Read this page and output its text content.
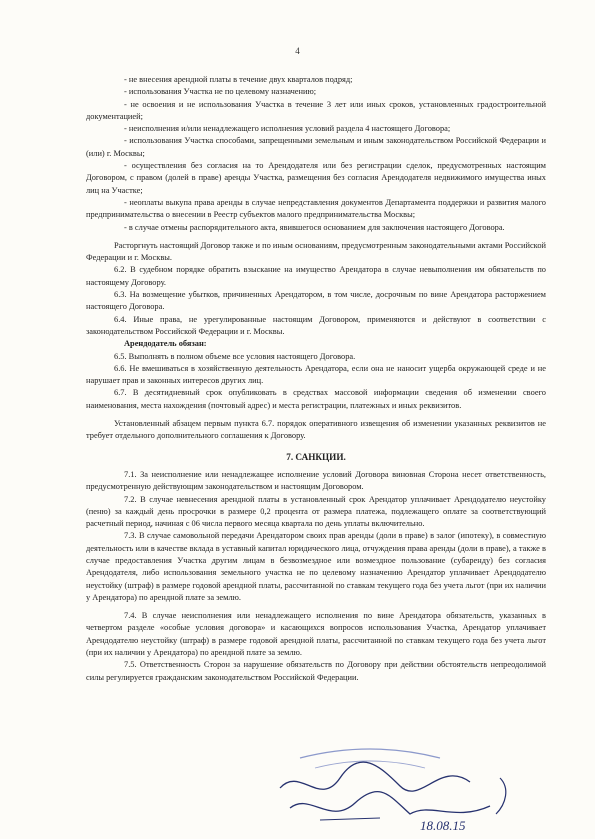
4

- не внесения арендной платы в течение двух кварталов подряд;

- использования Участка не по целевому назначению;

- не освоения и не использования Участка в течение 3 лет или иных сроков, установленных градостроительной документацией;

- неисполнения и/или ненадлежащего исполнения условий раздела 4 настоящего Договора;

- использования Участка способами, запрещенными земельным и иным законодательством Российской Федерации и (или) г. Москвы;

- осуществления без согласия на то Арендодателя или без регистрации сделок, предусмотренных настоящим Договором, с правом (долей в праве) аренды Участка, размещения без согласия Арендодателя недвижимого имущества иных лиц на Участке;

- неоплаты выкупа права аренды в случае непредставления документов Департамента поддержки и развития малого предпринимательства о внесении в Реестр субъектов малого предпринимательства Москвы;

- в случае отмены распорядительного акта, явившегося основанием для заключения настоящего Договора.

Расторгнуть настоящий Договор также и по иным основаниям, предусмотренным законодательными актами Российской Федерации и г. Москвы.

6.2. В судебном порядке обратить взыскание на имущество Арендатора в случае невыполнения им обязательств по настоящему Договору.

6.3. На возмещение убытков, причиненных Арендатором, в том числе, досрочным по вине Арендатора расторжением настоящего Договора.

6.4. Иные права, не урегулированные настоящим Договором, применяются и действуют в соответствии с законодательством Российской Федерации и г. Москвы.

Арендодатель обязан:

6.5. Выполнять в полном объеме все условия настоящего Договора.

6.6. Не вмешиваться в хозяйственную деятельность Арендатора, если она не наносит ущерба окружающей среде и не нарушает прав и законных интересов других лиц.

6.7. В десятидневный срок опубликовать в средствах массовой информации сведения об изменении своего наименования, места нахождения (почтовый адрес) и места регистрации, платежных и иных реквизитов.

Установленный абзацем первым пункта 6.7. порядок оперативного извещения об изменении указанных реквизитов не требует отдельного дополнительного соглашения к Договору.

7. САНКЦИИ.

7.1. За неисполнение или ненадлежащее исполнение условий Договора виновная Сторона несет ответственность, предусмотренную действующим законодательством и настоящим Договором.

7.2. В случае невнесения арендной платы в установленный срок Арендатор уплачивает Арендодателю неустойку (пеню) за каждый день просрочки в размере 0,2 процента от размера платежа, подлежащего оплате за соответствующий расчетный период, начиная с 06 числа первого месяца квартала по день уплаты включительно.

7.3. В случае самовольной передачи Арендатором своих прав аренды (доли в праве) в залог (ипотеку), в совместную деятельность или в качестве вклада в уставный капитал юридического лица, отчуждения права аренды (доли в праве), а также в случае предоставления Участка другим лицам в безвозмездное или возмездное пользование (субаренду) без согласия Арендодателя, либо использования земельного участка не по целевому назначению Арендатор уплачивает Арендодателю неустойку (штраф) в размере годовой арендной платы, рассчитанной по ставкам текущего года без учета льгот (при их наличии у Арендатора) по арендной плате за землю.

7.4. В случае неисполнения или ненадлежащего исполнения по вине Арендатора обязательств, указанных в четвертом разделе «особые условия договора» и касающихся вопросов использования Участка, Арендатор уплачивает Арендодателю неустойку (штраф) в размере годовой арендной платы, рассчитанной по ставкам текущего года без учета льгот (при их наличии у Арендатора) по арендной плате за землю.

7.5. Ответственность Сторон за нарушение обязательств по Договору при действии обстоятельств непреодолимой силы регулируется гражданским законодательством Российской Федерации.

18.08.15
